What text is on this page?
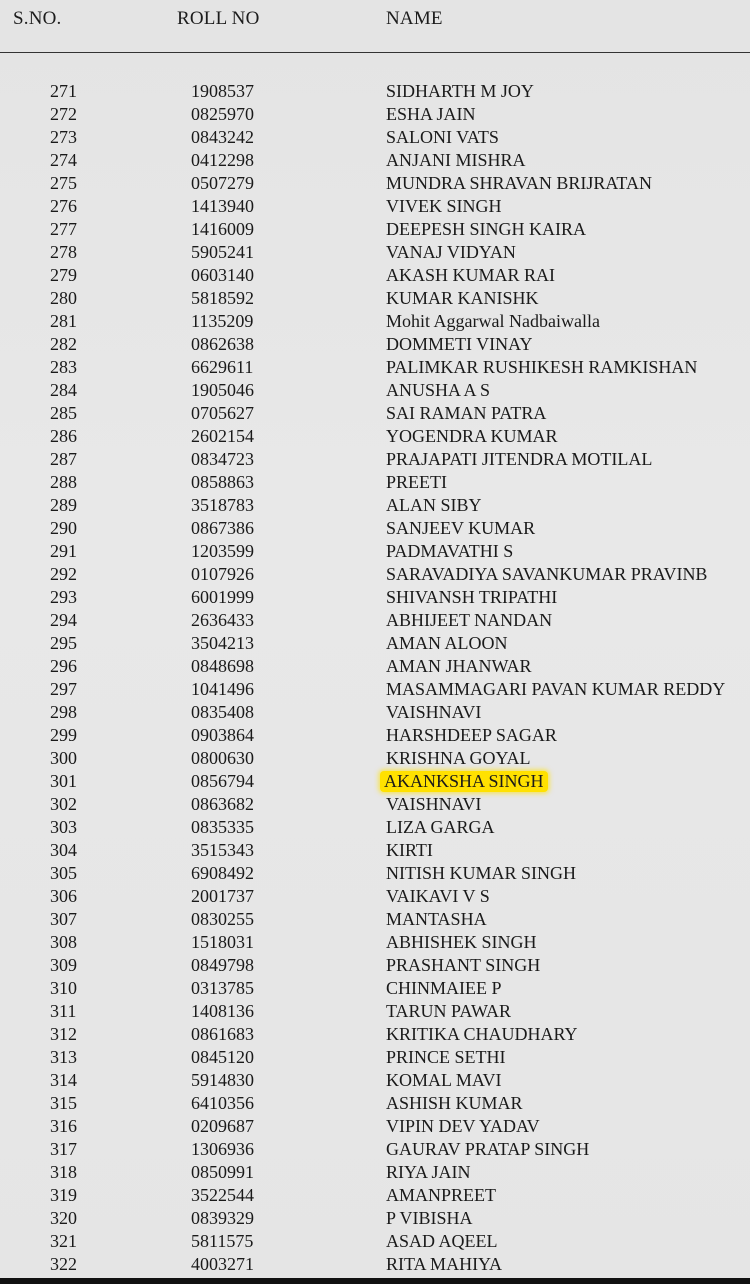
S.NO.	ROLL NO	NAME
271	1908537	SIDHARTH M JOY
272	0825970	ESHA JAIN
273	0843242	SALONI VATS
274	0412298	ANJANI MISHRA
275	0507279	MUNDRA SHRAVAN BRIJRATAN
276	1413940	VIVEK SINGH
277	1416009	DEEPESH SINGH KAIRA
278	5905241	VANAJ VIDYAN
279	0603140	AKASH KUMAR RAI
280	5818592	KUMAR KANISHK
281	1135209	Mohit Aggarwal Nadbaiwalla
282	0862638	DOMMETI VINAY
283	6629611	PALIMKAR RUSHIKESH RAMKISHAN
284	1905046	ANUSHA A S
285	0705627	SAI RAMAN PATRA
286	2602154	YOGENDRA KUMAR
287	0834723	PRAJAPATI JITENDRA MOTILAL
288	0858863	PREETI
289	3518783	ALAN SIBY
290	0867386	SANJEEV KUMAR
291	1203599	PADMAVATHI S
292	0107926	SARAVADIYA SAVANKUMAR PRAVINB
293	6001999	SHIVANSH TRIPATHI
294	2636433	ABHIJEET NANDAN
295	3504213	AMAN ALOON
296	0848698	AMAN JHANWAR
297	1041496	MASAMMAGARI PAVAN KUMAR REDDY
298	0835408	VAISHNAVI
299	0903864	HARSHDEEP SAGAR
300	0800630	KRISHNA GOYAL
301	0856794	AKANKSHA SINGH
302	0863682	VAISHNAVI
303	0835335	LIZA GARGA
304	3515343	KIRTI
305	6908492	NITISH KUMAR SINGH
306	2001737	VAIKAVI V S
307	0830255	MANTASHA
308	1518031	ABHISHEK SINGH
309	0849798	PRASHANT SINGH
310	0313785	CHINMAIEE P
311	1408136	TARUN PAWAR
312	0861683	KRITIKA CHAUDHARY
313	0845120	PRINCE SETHI
314	5914830	KOMAL MAVI
315	6410356	ASHISH KUMAR
316	0209687	VIPIN DEV YADAV
317	1306936	GAURAV PRATAP SINGH
318	0850991	RIYA JAIN
319	3522544	AMANPREET
320	0839329	P VIBISHA
321	5811575	ASAD AQEEL
322	4003271	RITA MAHIYA
